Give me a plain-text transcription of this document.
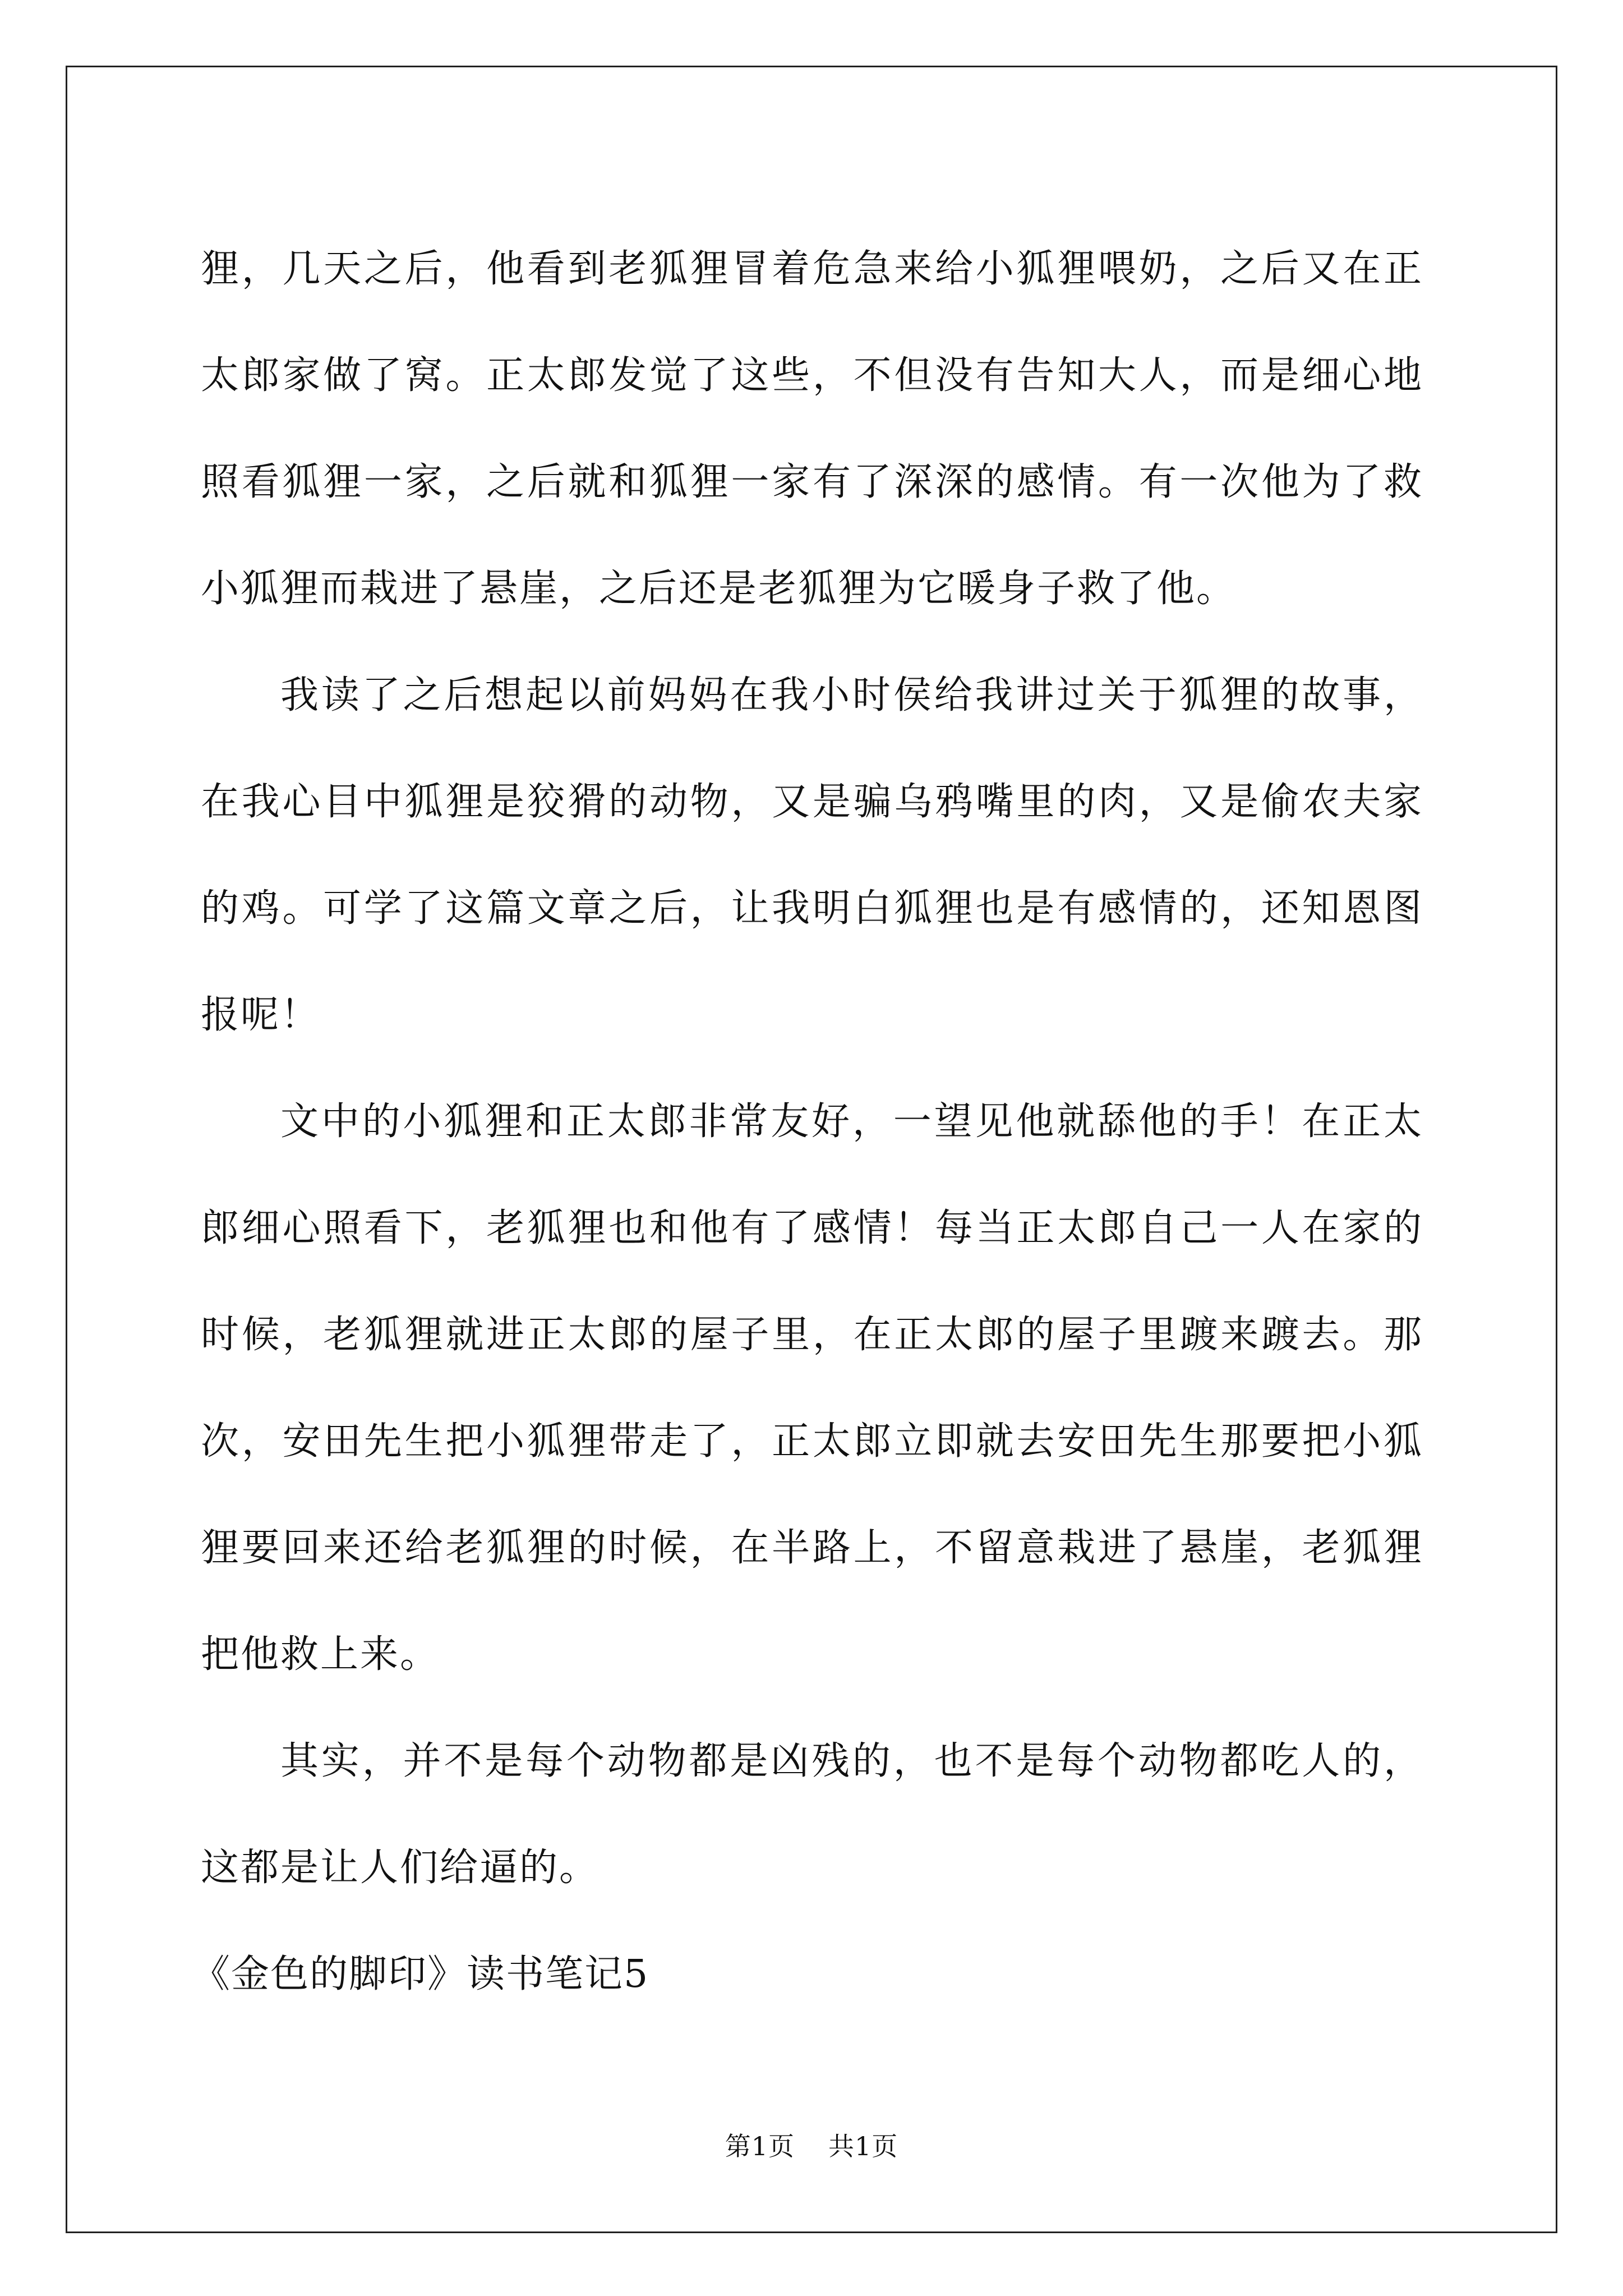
狸，几天之后，他看到老狐狸冒着危急来给小狐狸喂奶，之后又在正太郎家做了窝。正太郎发觉了这些，不但没有告知大人，而是细心地照看狐狸一家，之后就和狐狸一家有了深深的感情。有一次他为了救小狐狸而栽进了悬崖，之后还是老狐狸为它暖身子救了他。

我读了之后想起以前妈妈在我小时侯给我讲过关于狐狸的故事，在我心目中狐狸是狡猾的动物，又是骗乌鸦嘴里的肉，又是偷农夫家的鸡。可学了这篇文章之后，让我明白狐狸也是有感情的，还知恩图报呢！

文中的小狐狸和正太郎非常友好，一望见他就舔他的手！在正太郎细心照看下，老狐狸也和他有了感情！每当正太郎自己一人在家的时候，老狐狸就进正太郎的屋子里，在正太郎的屋子里踱来踱去。那次，安田先生把小狐狸带走了，正太郎立即就去安田先生那要把小狐狸要回来还给老狐狸的时候，在半路上，不留意栽进了悬崖，老狐狸把他救上来。

其实，并不是每个动物都是凶残的，也不是每个动物都吃人的，这都是让人们给逼的。

《金色的脚印》读书笔记5

第1页 共1页
